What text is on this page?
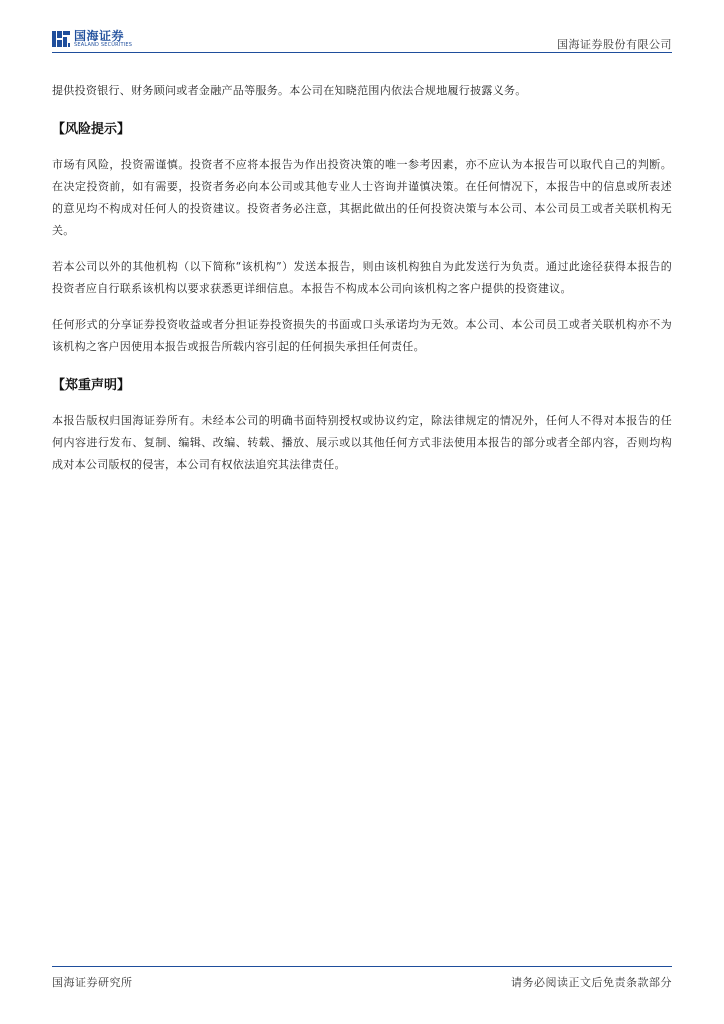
国海证券
SEALAND SECURITIES	国海证券股份有限公司

提供投资银行、财务顾问或者金融产品等服务。本公司在知晓范围内依法合规地履行披露义务。

【风险提示】

市场有风险，投资需谨慎。投资者不应将本报告为作出投资决策的唯一参考因素，亦不应认为本报告可以取代自己的判断。在决定投资前，如有需要，投资者务必向本公司或其他专业人士咨询并谨慎决策。在任何情况下，本报告中的信息或所表述的意见均不构成对任何人的投资建议。投资者务必注意，其据此做出的任何投资决策与本公司、本公司员工或者关联机构无关。

若本公司以外的其他机构（以下简称“该机构”）发送本报告，则由该机构独自为此发送行为负责。通过此途径获得本报告的投资者应自行联系该机构以要求获悉更详细信息。本报告不构成本公司向该机构之客户提供的投资建议。

任何形式的分享证券投资收益或者分担证券投资损失的书面或口头承诺均为无效。本公司、本公司员工或者关联机构亦不为该机构之客户因使用本报告或报告所载内容引起的任何损失承担任何责任。

【郑重声明】

本报告版权归国海证券所有。未经本公司的明确书面特别授权或协议约定，除法律规定的情况外，任何人不得对本报告的任何内容进行发布、复制、编辑、改编、转载、播放、展示或以其他任何方式非法使用本报告的部分或者全部内容，否则均构成对本公司版权的侵害，本公司有权依法追究其法律责任。

国海证券研究所	请务必阅读正文后免责条款部分
